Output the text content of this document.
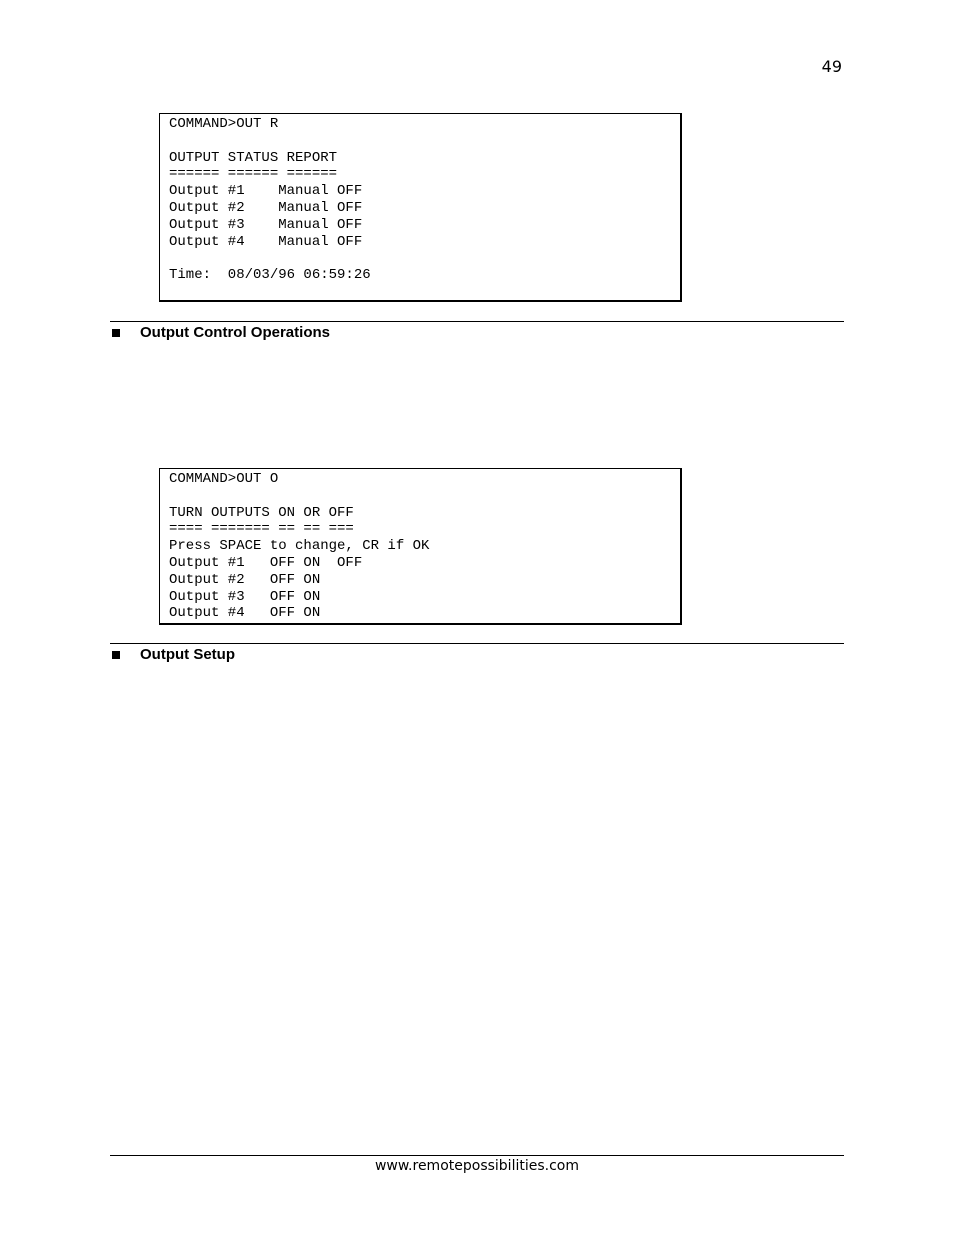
49
COMMAND>OUT R
OUTPUT STATUS REPORT
====== ====== ======
Output #1    Manual OFF
Output #2    Manual OFF
Output #3    Manual OFF
Output #4    Manual OFF
Time:  08/03/96 06:59:26
Output Control Operations
COMMAND>OUT O
TURN OUTPUTS ON OR OFF
==== ======= == == ===
Press SPACE to change, CR if OK
Output #1   OFF ON  OFF
Output #2   OFF ON
Output #3   OFF ON
Output #4   OFF ON
Output Setup
www.remotepossibilities.com
